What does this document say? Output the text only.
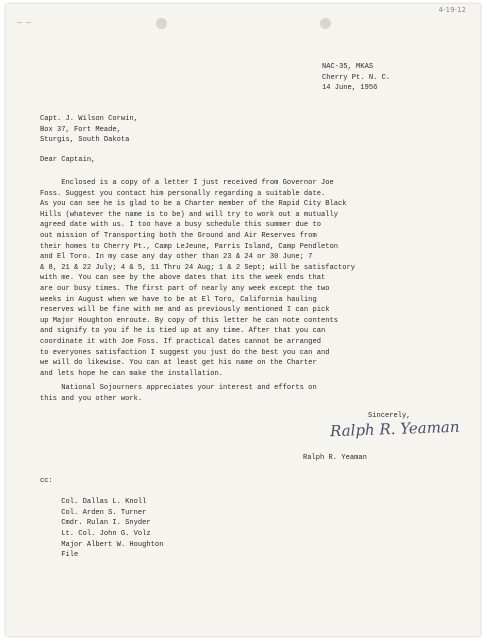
4-19-12
~ ~
NAC-35, MKAS
Cherry Pt. N. C.
14 June, 1956
Capt. J. Wilson Corwin,
Box 37, Fort Meade,
Sturgis, South Dakota
Dear Captain,
Enclosed is a copy of a letter I just received from Governor Joe
Foss. Suggest you contact him personally regarding a suitable date.
As you can see he is glad to be a Charter member of the Rapid City Black
Hills (whatever the name is to be) and will try to work out a mutually
agreed date with us. I too have a busy schedule this summer due to
out mission of Transporting both the Ground and Air Reserves from
their homes to Cherry Pt., Camp LeJeune, Parris Island, Camp Pendleton
and El Toro. In my case any day other than 23 & 24 or 30 June; 7
& 8, 21 & 22 July; 4 & 5, 11 Thru 24 Aug; 1 & 2 Sept; will be satisfactory
with me. You can see by the above dates that its the week ends that
are our busy times. The first part of nearly any week except the two
weeks in August when we have to be at El Toro, California hauling
reserves will be fine with me and as previously mentioned I can pick
up Major Houghton enroute. By copy of this letter he can note contents
and signify to you if he is tied up at any time. After that you can
coordinate it with Joe Foss. If practical dates cannot be arranged
to everyones satisfaction I suggest you just do the best you can and
we will do likewise. You can at least get his name on the Charter
and lets hope he can make the installation.
National Sojourners appreciates your interest and efforts on
this and you other work.
Sincerely,
Ralph R. Yeaman
Ralph R. Yeaman
cc:

Col. Dallas L. Knoll
Col. Arden S. Turner
Cmdr. Rulan I. Snyder
Lt. Col. John G. Volz
Major Albert W. Houghton
File
